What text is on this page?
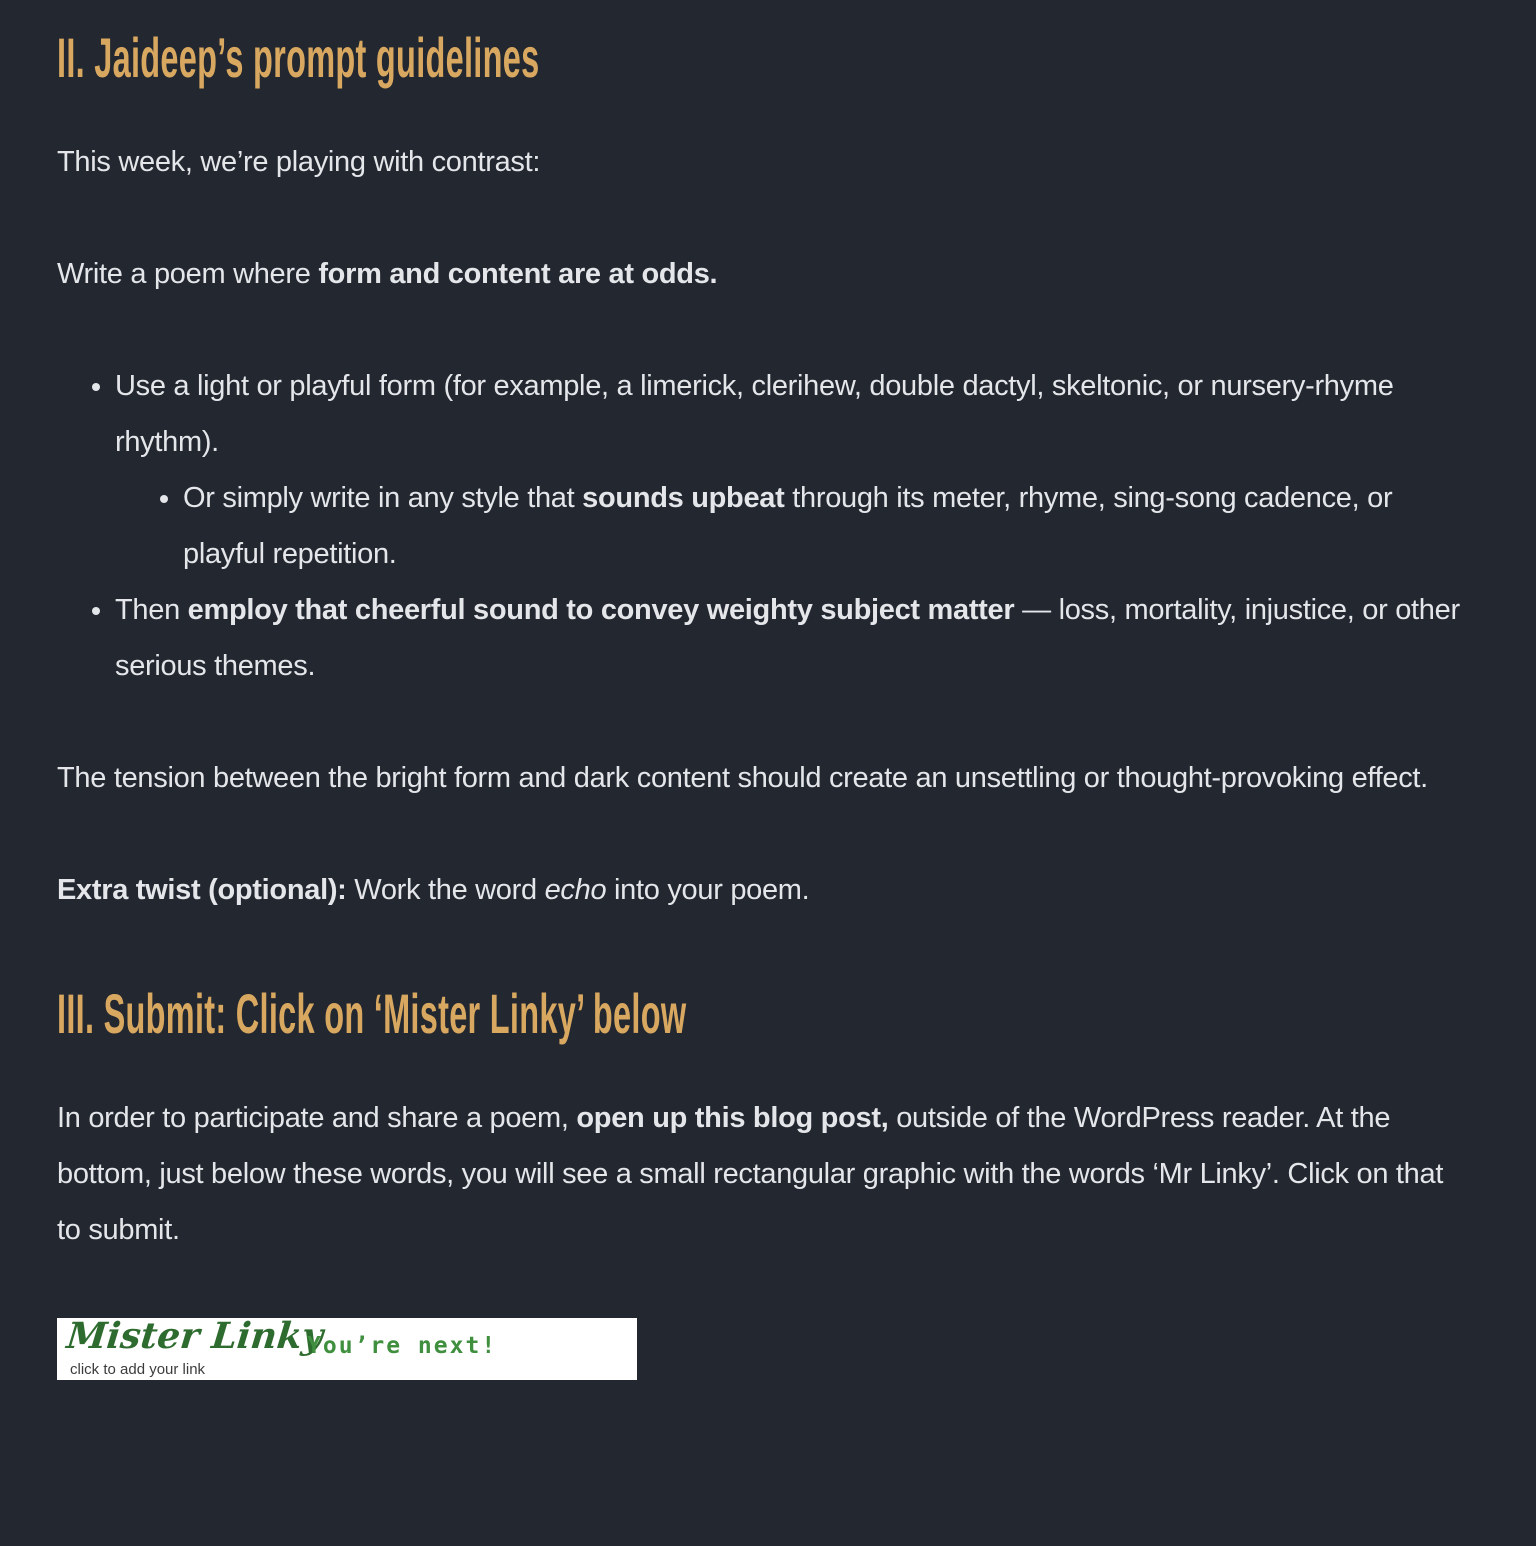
II. Jaideep’s prompt guidelines

This week, we’re playing with contrast:

Write a poem where form and content are at odds.

• Use a light or playful form (for example, a limerick, clerihew, double dactyl, skeltonic, or nursery-rhyme rhythm).
• Or simply write in any style that sounds upbeat through its meter, rhyme, sing-song cadence, or playful repetition.
• Then employ that cheerful sound to convey weighty subject matter — loss, mortality, injustice, or other serious themes.

The tension between the bright form and dark content should create an unsettling or thought-provoking effect.

Extra twist (optional): Work the word echo into your poem.

III. Submit: Click on ‘Mister Linky’ below

In order to participate and share a poem, open up this blog post, outside of the WordPress reader. At the bottom, just below these words, you will see a small rectangular graphic with the words ‘Mr Linky’. Click on that to submit.

Mister Linky
click to add your link
You’re next!
